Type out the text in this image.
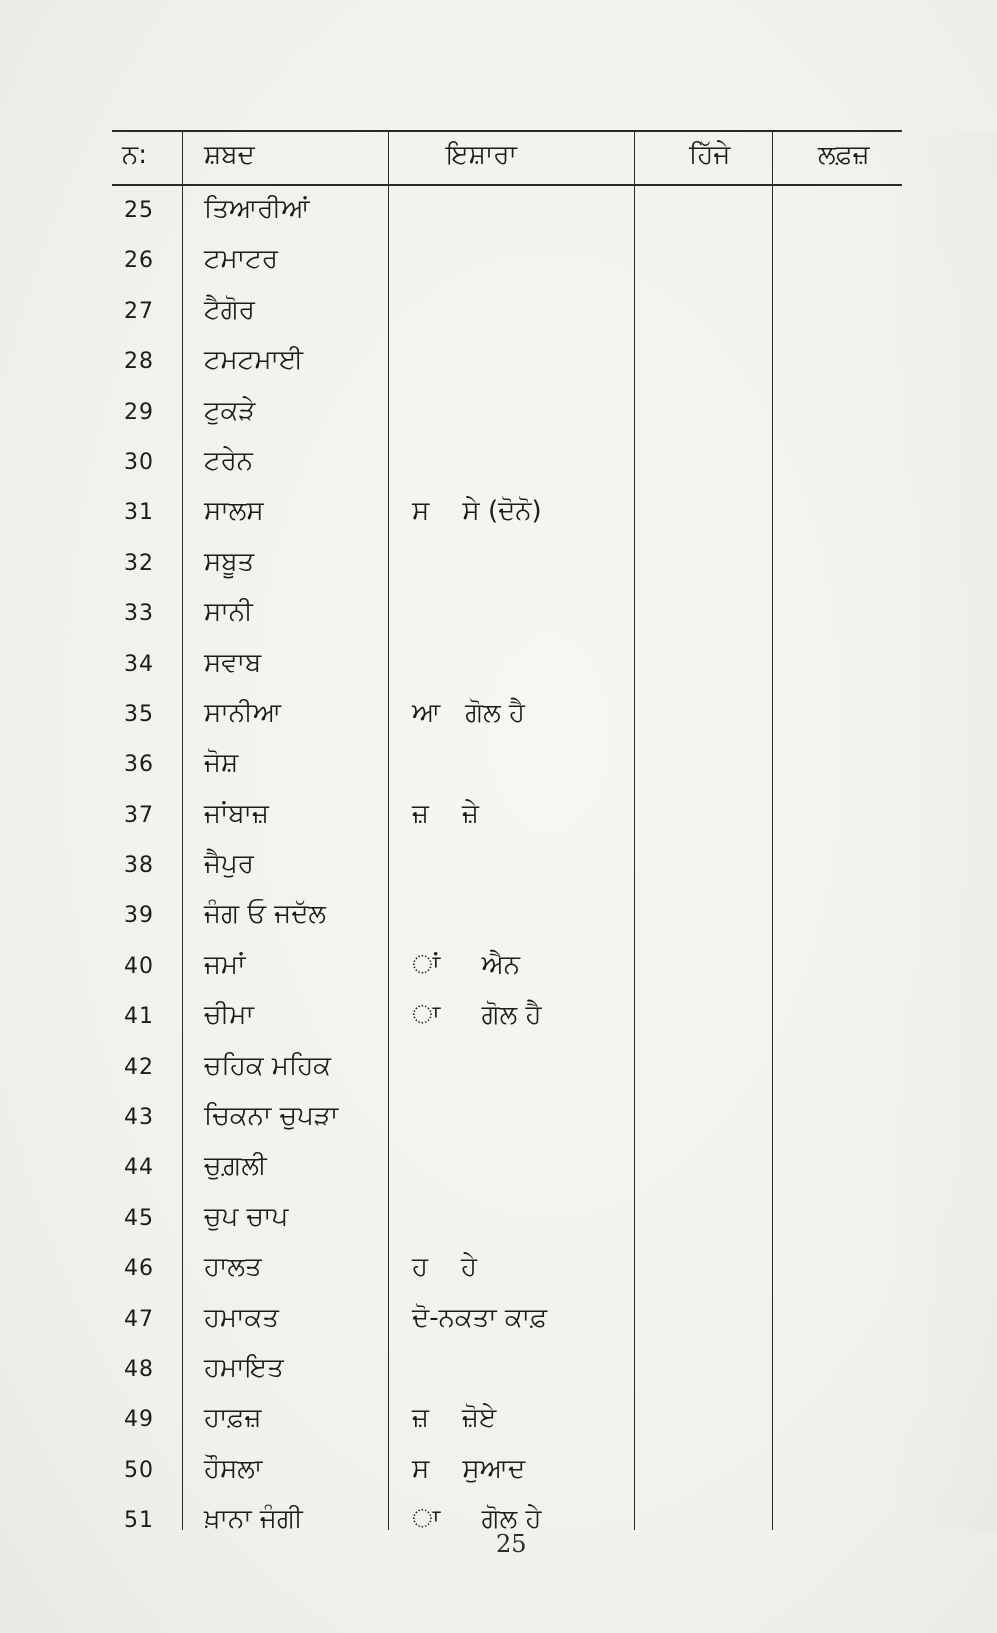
ਨ: ਸ਼ਬਦ	ਇਸ਼ਾਰਾ	ਹਿੱਜੇ	ਲਫ਼ਜ਼
25 ਤਿਆਰੀਆਂ
26 ਟਮਾਟਰ
27 ਟੈਗੋਰ
28 ਟਮਟਮਾਈ
29 ਟੁਕੜੇ
30 ਟਰੇਨ
31 ਸਾਲਸ	ਸ    ਸੇ (ਦੋਨੋ)
32 ਸਬੂਤ
33 ਸਾਨੀ
34 ਸਵਾਬ
35 ਸਾਨੀਆ	ਆ   ਗੋਲ ਹੈ
36 ਜੋਸ਼
37 ਜਾਂਬਾਜ਼	ਜ਼    ਜ਼ੇ
38 ਜੈਪੁਰ
39 ਜੰਗ ਓ ਜਦੱਲ
40 ਜਮਾਂ	ਾਂ     ਐਨ
41 ਚੀਮਾ	ਾ     ਗੋਲ ਹੈ
42 ਚਹਿਕ ਮਹਿਕ
43 ਚਿਕਨਾ ਚੁਪੜਾ
44 ਚੁਗ਼ਲੀ
45 ਚੁਪ ਚਾਪ
46 ਹਾਲਤ	ਹ    ਹੇ
47 ਹਮਾਕਤ	ਦੋ-ਨਕਤਾ ਕਾਫ਼
48 ਹਮਾਇਤ
49 ਹਾਫ਼ਜ਼	ਜ਼    ਜ਼ੋਏ
50 ਹੌਸਲਾ	ਸ    ਸੁਆਦ
51 ਖ਼ਾਨਾ ਜੰਗੀ	ਾ     ਗੋਲ ਹੇ
25
